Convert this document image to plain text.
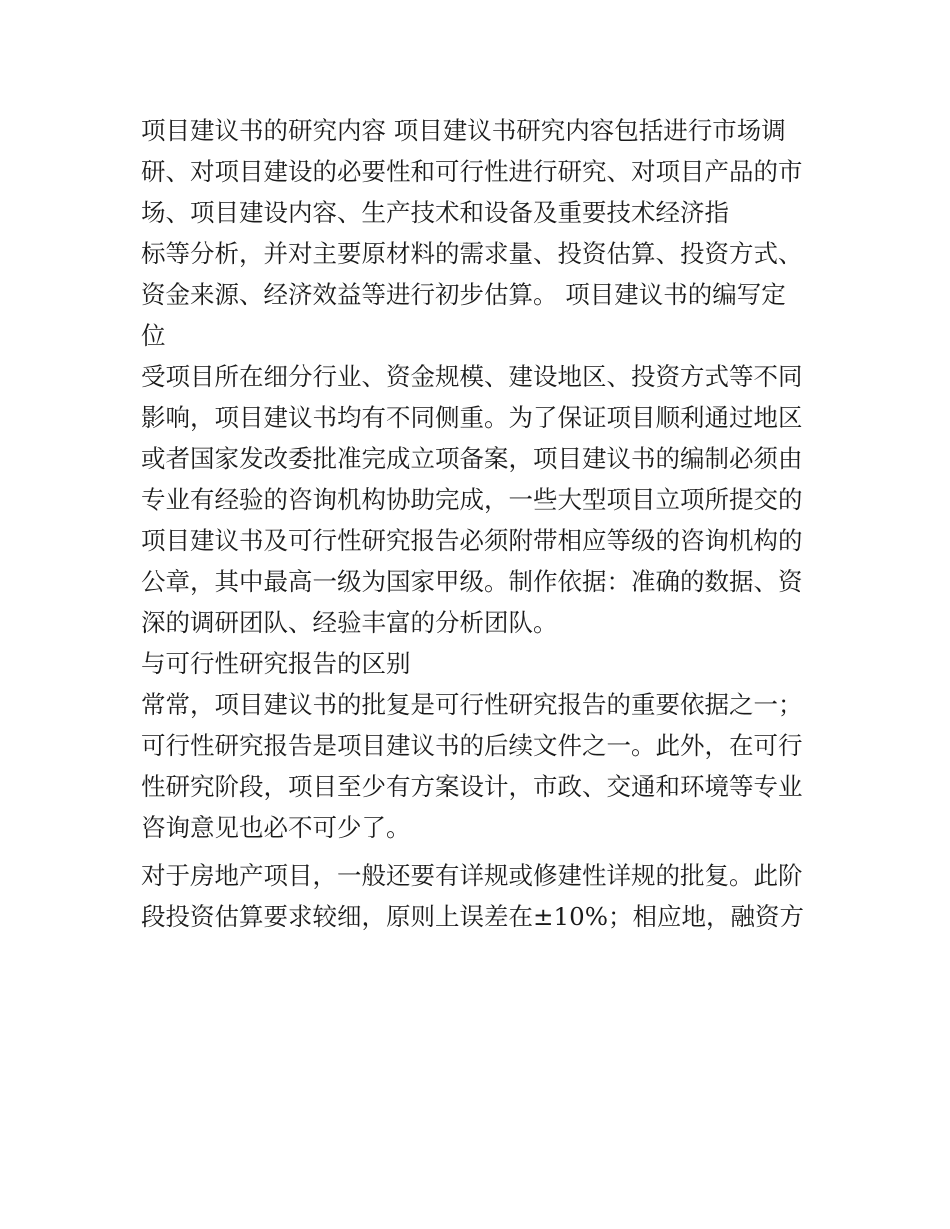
项目建议书的研究内容 项目建议书研究内容包括进行市场调
研、对项目建设的必要性和可行性进行研究、对项目产品的市
场、项目建设内容、生产技术和设备及重要技术经济指
标等分析，并对主要原材料的需求量、投资估算、投资方式、
资金来源、经济效益等进行初步估算。 项目建议书的编写定
位
受项目所在细分行业、资金规模、建设地区、投资方式等不同
影响，项目建议书均有不同侧重。为了保证项目顺利通过地区
或者国家发改委批准完成立项备案，项目建议书的编制必须由
专业有经验的咨询机构协助完成，一些大型项目立项所提交的
项目建议书及可行性研究报告必须附带相应等级的咨询机构的
公章，其中最高一级为国家甲级。制作依据：准确的数据、资
深的调研团队、经验丰富的分析团队。
与可行性研究报告的区别
常常，项目建议书的批复是可行性研究报告的重要依据之一；
可行性研究报告是项目建议书的后续文件之一。此外，在可行
性研究阶段，项目至少有方案设计，市政、交通和环境等专业
咨询意见也必不可少了。
对于房地产项目，一般还要有详规或修建性详规的批复。此阶
段投资估算要求较细，原则上误差在±10%；相应地，融资方
